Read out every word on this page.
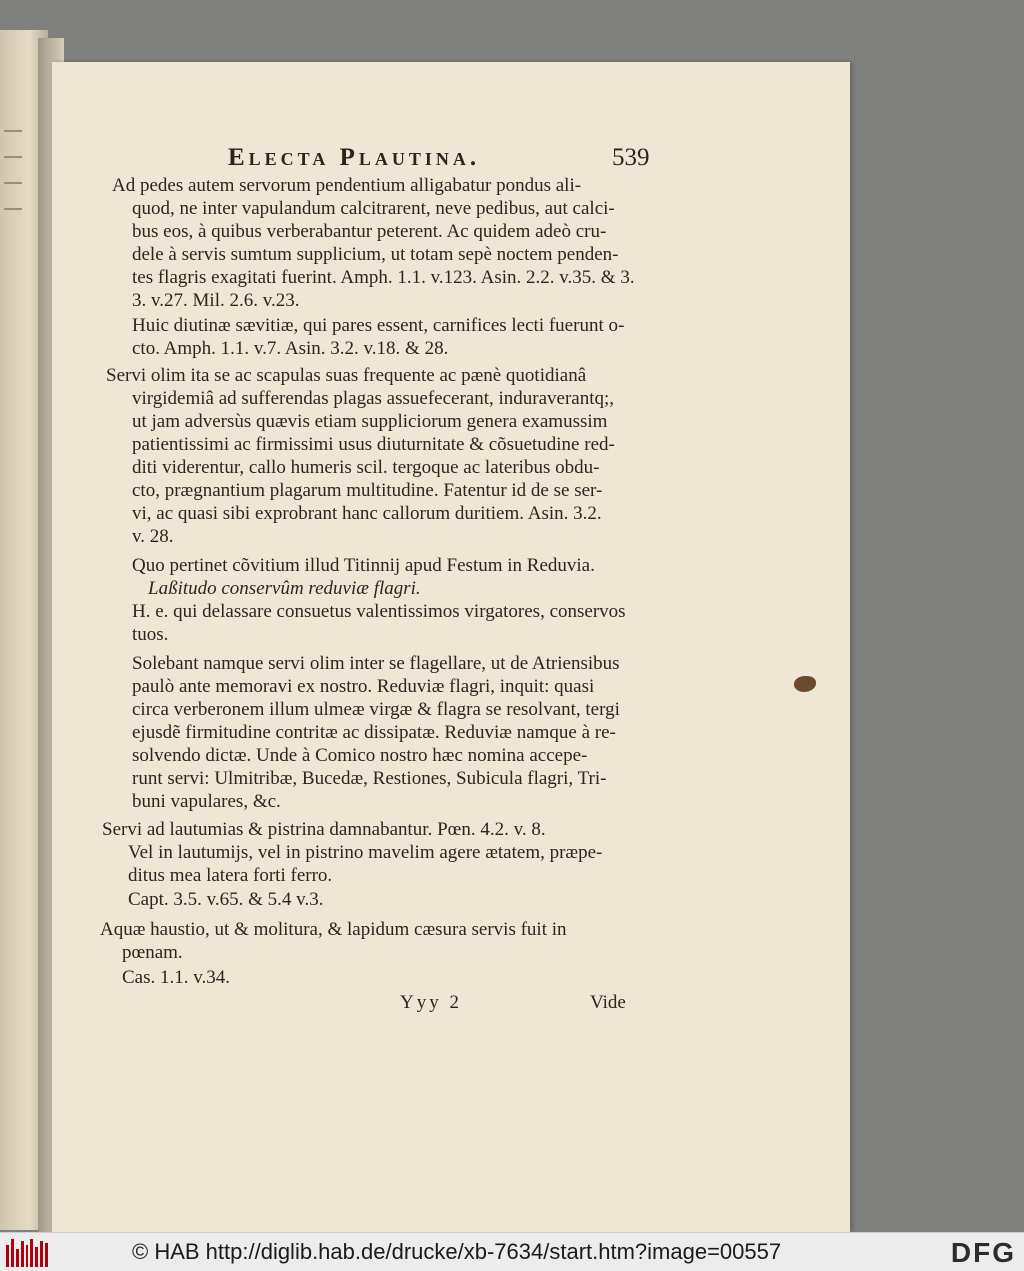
Electa Plautina.	539
Ad pedes autem servorum pendentium alligabatur pondus ali-
quod, ne inter vapulandum calcitrarent, neve pedibus, aut calci-
bus eos, à quibus verberabantur peterent. Ac quidem adeò cru-
dele à servis sumtum supplicium, ut totam sepè noctem penden-
tes flagris exagitati fuerint. Amph. 1.1. v.123. Asin. 2.2. v.35. & 3.
3. v.27. Mil. 2.6. v.23.
Huic diutinæ sævitiæ, qui pares essent, carnifices lecti fuerunt o-
cto. Amph. 1.1. v.7. Asin. 3.2. v.18. & 28.
Servi olim ita se ac scapulas suas frequente ac pænè quotidianâ
virgidemiâ ad sufferendas plagas assuefecerant, induraverantq;,
ut jam adversùs quævis etiam suppliciorum genera examussim
patientissimi ac firmissimi usus diuturnitate & cõsuetudine red-
diti viderentur, callo humeris scil. tergoque ac lateribus obdu-
cto, prægnantium plagarum multitudine. Fatentur id de se ser-
vi, ac quasi sibi exprobrant hanc callorum duritiem. Asin. 3.2.
v. 28.
Quo pertinet cõvitium illud Titinnij apud Festum in Reduvia.
Laßitudo conservûm reduviæ flagri.
H. e. qui delassare consuetus valentissimos virgatores, conservos
tuos.
Solebant namque servi olim inter se flagellare, ut de Atriensibus
paulò ante memoravi ex nostro. Reduviæ flagri, inquit: quasi
circa verberonem illum ulmeæ virgæ & flagra se resolvant, tergi
ejusdẽ firmitudine contritæ ac dissipatæ. Reduviæ namque à re-
solvendo dictæ. Unde à Comico nostro hæc nomina accepe-
runt servi: Ulmitribæ, Bucedæ, Restiones, Subicula flagri, Tri-
buni vapulares, &c.
Servi ad lautumias & pistrina damnabantur. Pœn. 4.2. v. 8.
Vel in lautumijs, vel in pistrino mavelim agere ætatem, præpe-
ditus mea latera forti ferro.
Capt. 3.5. v.65. & 5.4 v.3.
Aquæ haustio, ut & molitura, & lapidum cæsura servis fuit in
pœnam.
Cas. 1.1. v.34.
Yyy 2	Vide
© HAB http://diglib.hab.de/drucke/xb-7634/start.htm?image=00557	DFG
